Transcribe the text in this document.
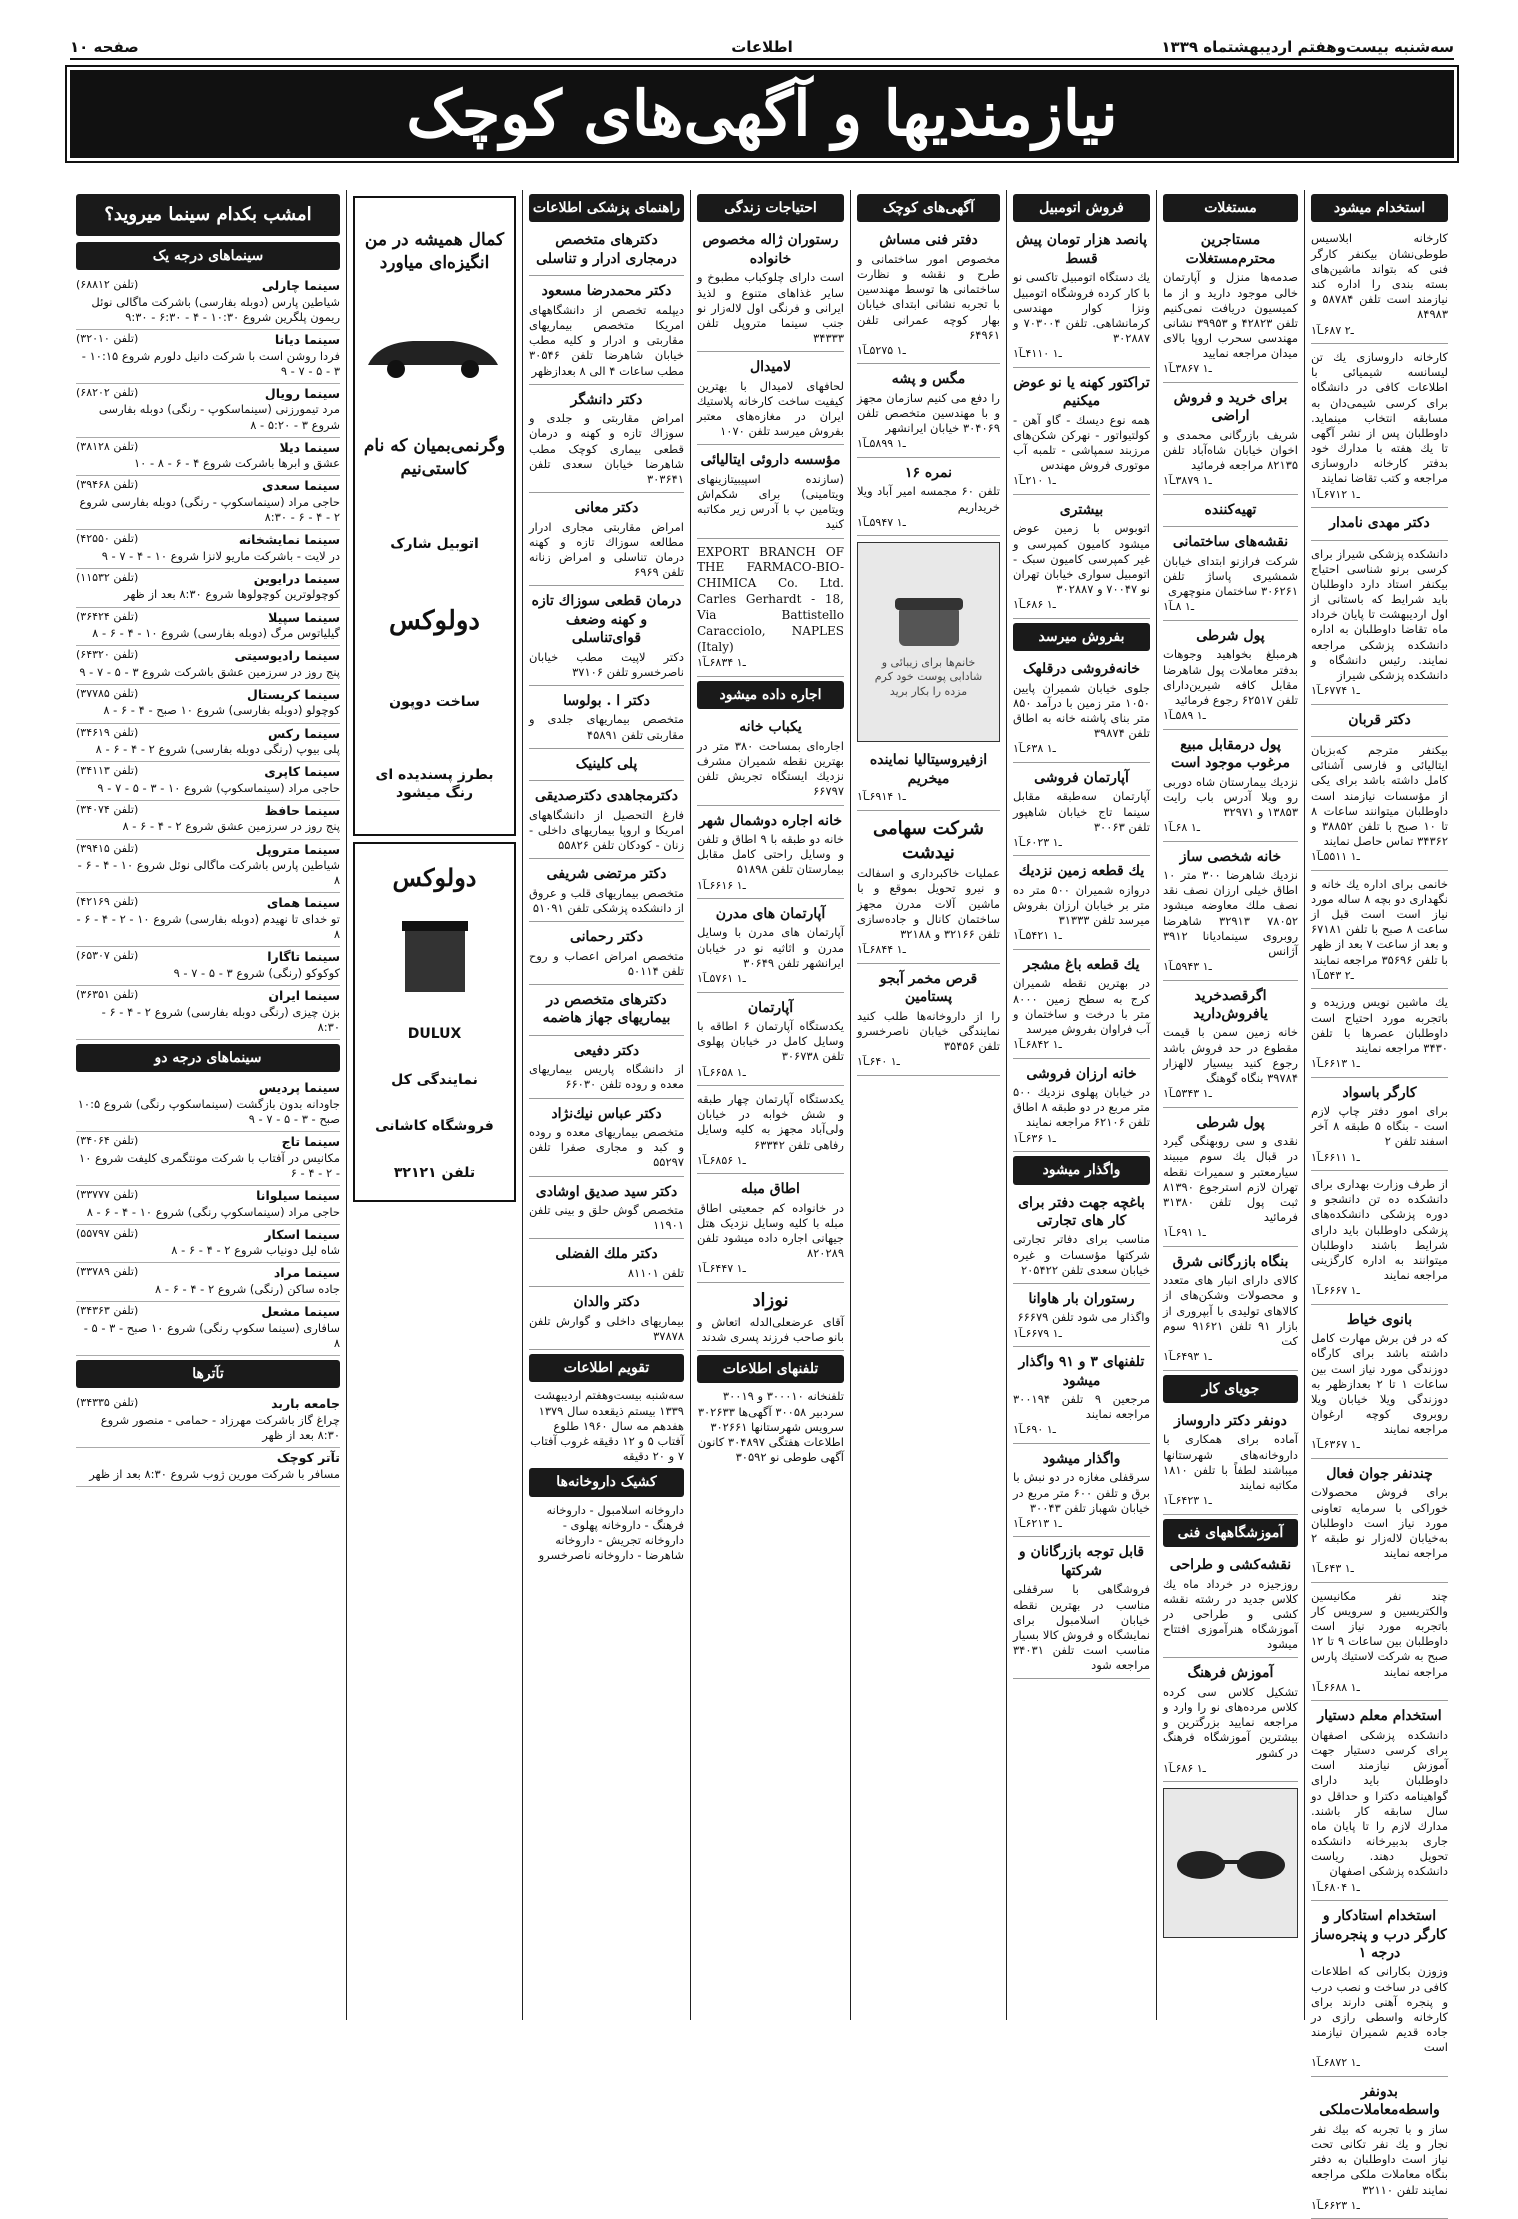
سه‌شنبه بیست‌وهفتم اردیبهشتماه ۱۳۳۹
اطلاعات
صفحه ۱۰
نیازمندیها و آگهی‌های کوچک
استخدام میشود

کارخانه ابلاسیس طوطی‌نشان بیکنفر کارگر فنی که بتواند ماشین‌های بسته بندی را اداره کند نیازمند است تلفن ۵۸۷۸۴ و ۸۴۹۸۳

۱ـ۲ ۶۸۷ـآ

کارخانه داروسازی یك تن لیسانسه شیمیائی با اطلاعات کافی در دانشگاه برای کرسی شیمی‌دان به مسابقه انتخاب مینماید. داوطلبان پس از نشر آگهی تا یك هفته با مدارك خود بدفتر کارخانه داروسازی مراجعه و کتب تقاضا نمایند

۱ـ۱ ۶۷۱۲ـآ
دکتر مهدی نامدار

دانشکده پزشکی شیراز برای کرسی برنو شناسی احتیاج بیکنفر استاد دارد داوطلبان باید شرایط که باستانی از اول اردیبهشت تا پایان خرداد ماه تقاضا داوطلبان به اداره دانشکده پزشکی مراجعه نمایند. رئیس دانشگاه و دانشکده پزشکی شیراز

۱ـ۱ ۶۷۷۴ـآ
دکتر قربان

بیکنفر مترجم که‌بزبان ایتالیائی و فارسی آشنائی کامل داشته باشد برای یکی از مؤسسات نیازمند است داوطلبان میتوانند ساعات ۸ تا ۱۰ صبح با تلفن ۳۸۸۵۲ و ۳۴۳۶۲ تماس حاصل نمایند

۱ـ۱ ۵۵۱۱ـآ

خانمی برای اداره یك خانه و نگهداری دو بچه ۸ ساله مورد نیاز است است قبل از ساعت ۸ صبح با تلفن ۶۷۱۸۱ و بعد از ساعت ۷ بعد از ظهر با تلفن ۳۵۶۹۶ مراجعه نمایند

۱ـ۲ ۵۴۳ـآ

یك ماشین نویس ورزیده و باتجربه مورد احتیاج است داوطلبان عصرها با تلفن ۳۴۳۰ مراجعه نمایند

۱ـ۱ ۶۶۱۳ـآ
کارگر باسواد

برای امور دفتر چاپ لازم است - بنگاه ۵ طبقه ۸ آخر اسفند تلفن ۲

۱ـ۱ ۶۶۱۱ـآ

از طرف وزارت بهداری برای دانشکده ده تن دانشجو و دوره پزشکی دانشکده‌های پزشکی داوطلبان باید دارای شرایط باشند داوطلبان میتوانند به اداره کارگزینی مراجعه نمایند

۱ـ۱ ۶۶۶۷ـآ
بانوی خیاط

که در فن برش مهارت کامل داشته باشد برای کارگاه دوزندگی مورد نیاز است بین ساعات ۱ تا ۲ بعدازظهر به دوزندگی ویلا خیابان ویلا روبروی کوچه ارغوان مراجعه نمایند

۱ـ۱ ۶۳۶۷ـآ
چندنفر جوان فعال

برای فروش محصولات خوراکی با سرمایه تعاونی مورد نیاز است داوطلبان به‌خیابان لاله‌زار نو طبقه ۲ مراجعه نمایند

۱ـ۱ ۶۴۳ـآ

چند نفر مکانیسین والکتریسین و سرویس کار باتجربه مورد نیاز است داوطلبان بین ساعات ۹ تا ۱۲ صبح به شرکت لاستیك پارس مراجعه نمایند

۱ـ۱ ۶۶۸۸ـآ
استخدام معلم دستیار

دانشکده پزشکی اصفهان برای کرسی دستیار جهت آموزش نیازمند است داوطلبان باید دارای گواهینامه دکترا و حداقل دو سال سابقه کار باشند. مدارك لازم را تا پایان ماه جاری بدبیرخانه دانشکده تحویل دهند. ریاست دانشکده پزشکی اصفهان

۱ـ۱ ۶۸۰۴ـآ
استخدام استادکار و کارگر درب و پنجره‌ساز درجه ۱

وزوزن بکارانی که اطلاعات کافی در ساخت و نصب درب و پنجره آهنی دارند برای کارخانه واسطی رازی در جاده قدیم شمیران نیازمند است

۱ـ۱ ۶۸۷۲ـآ
بدونفر واسطه‌معاملات‌ملکی

ساز و با تجربه که بیك نفر نجار و یك نفر تکانی تحت نیاز است داوطلبان به دفتر بنگاه معاملات ملکی مراجعه نمایند تلفن ۳۲۱۱۰

۱ـ۱ ۶۶۲۳ـآ
مستغلات
مستاجرین محترم‌مستغلات

صدمه‌ها منزل و آپارتمان خالی موجود دارید و از ما کمیسیون دریافت نمی‌کنیم تلفن ۴۲۸۲۳ و ۳۹۹۵۳ نشانی مهندسی سحرب اروپا بالای میدان مراجعه نمایید

۱ـ۱ ۳۸۶۷ـآ
برای خرید و فروش اراضی

شریف بازرگانی محمدی و اخوان خیابان شاه‌آباد تلفن ۸۲۱۳۵ مراجعه فرمائید

۱ـ۱ ۳۸۷۹ـآ
تهیه‌کننده
نقشه‌های ساختمانی

شرکت فرازنو ابتدای خیابان شمشیری پاساژ تلفن ۳۰۶۲۶۱ ساختمان منوچهری

۱ـ۱ ۸ـآ
پول شرطی

هرمبلغ بخواهید وجوهات بدفتر معاملات پول شاهرضا مقابل کافه شیرین‌دارای تلفن ۶۲۵۱۷ رجوع فرمائید

۱ـ۱ ۵۸۹ـآ
پول درمقابل مبیع مرغوب موجود است

نزدیك بیمارستان شاه دوربی رو ویلا آدرس باب رایت ۱۳۸۵۳ و ۳۲۹۷۱

۱ـ۱ ۶۸ـآ
خانه شخصی ساز

نزدیك شاهرضا ۳۰۰ متر ۱۰ اطاق خیلی ارزان نصف نقد نصف ملك معاوضه میشود ۷۸۰۵۲ ۳۲۹۱۳ شاهرضا روبروی سینمادیانا ۳۹۱۲ آژانس

۱ـ۱ ۵۹۴۳ـآ
اگرقصدخرید یافروش‌دارید

خانه زمین سمن با قیمت مقطوع در حد فروش باشد رجوع کنید بیسیار لالهزار ۳۹۷۸۴ بنگاه گوهنگ

۱ـ۱ ۵۳۴۳ـآ
پول شرطی

نقدی و سی روبهنگی گیرد در قبال یك سوم میبیند سیارمعتبر و سمیرات نقطه تهران لازم استرجوع ۸۱۳۹۰ ثبت پول تلفن ۳۱۳۸۰ فرمائید

۱ـ۱ ۶۹۱ـآ
بنگاه بازرگانی شرق

کالای دارای انبار های متعدد و محصولات وشکن‌های از کالاهای تولیدی با آبپروری از بازار ۹۱ تلفن ۹۱۶۲۱ سوم کت

۱ـ۱ ۶۴۹۳ـآ
جویای کار
دونفر دکتر داروساز

آماده برای همکاری با داروخانه‌های شهرستانها میباشند لطفاً با تلفن ۱۸۱۰ مکاتبه نمایند

۱ـ۱ ۶۴۲۳ـآ
آموزشگاههای فنی
نقشه‌کشی و طراحی

روزجیزه در خرداد ماه یك کلاس جدید در رشته نقشه کشی و طراحی در آموزشگاه هنرآموزی افتتاح میشود

آموزش فرهنگ

تشکیل کلاس سی کرده کلاس مرده‌های نو را وارد و مراجعه نمایید بزرگترین و بیشترین آموزشگاه فرهنگ در کشور

۱ـ۱ ۶۸۶ـآ
فروش اتومبیل
پانصد هزار تومان پیش قسط

یك دستگاه اتومبیل تاکسی نو با کار کرده فروشگاه اتومبیل ونزا کوار مهندسی کرمانشاهی. تلفن ۷۰۳۰۰۴ و ۳۰۲۸۸۷

۱ـ۱ ۴۱۱۰ـآ
تراکتور کهنه یا نو عوض میکنیم

همه نوع دیسك - گاو آهن - کولتیواتور - نهرکن شکن‌های مرزبند سمپاشی - تلمبه آب موتوری فروش مهندس

۱ـ۱ ۲۱۰ـآ
بیشتری

اتوبوس با زمین عوض میشود کامیون کمپرسی و غیر کمپرسی کامیون سبک - اتومبیل سواری خیابان تهران نو ۷۰۰۴۷ و ۳۰۲۸۸۷

۱ـ۱ ۶۸۶ـآ
بفروش میرسد
خانه‌فروشی درقلهک

جلوی خیابان شمیران پایین ۱۰۵۰ متر زمین با درآمد ۸۵۰ متر بنای پاشنه خانه به اطاق تلفن ۳۹۸۷۴

۱ـ۱ ۶۳۸ـآ
آپارتمان فروشی

آپارتمان سه‌طبقه مقابل سینما تاج خیابان شاهپور تلفن ۳۰۰۶۳

۱ـ۱ ۶۰۲۳ـآ
یك قطعه زمین نزدیك

دروازه شمیران ۵۰۰ متر ده متر بر خیابان ارزان بفروش میرسد تلفن ۳۱۳۳۳

۱ـ۱ ۵۴۲۱ـآ
یك قطعه باغ مشجر

در بهترین نقطه شمیران کرج به سطح زمین ۸۰۰۰ متر با درخت و ساختمان و آب فراوان بفروش میرسد

۱ـ۱ ۶۸۴۲ـآ
خانه ارزان فروشی

در خیابان پهلوی نزدیك ۵۰۰ متر مربع در دو طبقه ۸ اطاق تلفن ۶۲۱۰۶ مراجعه نمایند

۱ـ۱ ۶۳۶ـآ
واگذار میشود
باغچه جهت دفتر برای کار های تجارتی

مناسب برای دفاتر تجارتی شرکتها مؤسسات و غیره خیابان سعدی تلفن ۲۰۵۴۲۲

رستوران بار هاوانا

واگذار می شود تلفن ۶۶۶۷۹

۱ـ۱ ۶۶۷۹ـآ
تلفنهای ۳ و ۹۱ واگذار میشود

مرجعین ۹ تلفن ۳۰۰۱۹۴ مراجعه نمایند

۱ـ۱ ۶۹۰ـآ
واگذار میشود

سرقفلی مغازه در دو نبش با برق و تلفن ۶۰۰ متر مربع در خیابان شهباز تلفن ۳۰۰۴۳

۱ـ۱ ۶۲۱۳ـآ
قابل توجه بازرگانان و شرکتها

فروشگاهی با سرقفلی مناسب در بهترین نقطه خیابان اسلامبول برای نمایشگاه و فروش کالا بسیار مناسب است تلفن ۳۴۰۳۱ مراجعه شود

آگهی‌های کوچک
دفتر فنی مساش

مخصوص امور ساختمانی و طرح و نقشه و نظارت ساختمانی ها توسط مهندسین با تجربه نشانی ابتدای خیابان بهار کوچه عمرانی تلفن ۶۴۹۶۱

۱ـ۱ ۵۲۷۵ـآ
مگس و پشه

را دفع می کنیم سازمان مجهز و با مهندسین متخصص تلفن ۳۰۴۰۶۹ خیابان ایرانشهر

۱ـ۱ ۵۸۹۹ـآ
نمره ۱۶

تلفن ۶۰ مجمسه امیر آباد ویلا خریداریم

۱ـ۱ ۵۹۴۷ـآ
خانم‌ها برای زیبائی و شادابی پوست خود کرم مزده را بکار برید
ازفیروسیتالیا نماینده میخریم
۱ـ۱ ۶۹۱۴ـآ
شرکت سهامی نیدشت

عملیات خاکبرداری و اسفالت و نیرو تحویل بموقع و با ماشین آلات مدرن مجهز ساختمان کانال و جاده‌سازی تلفن ۳۲۱۶۶ و ۳۲۱۸۸

۱ـ۱ ۶۸۴۴ـآ
قرص مخمر آبجو پستامین

را از داروخانه‌ها طلب کنید نمایندگی خیابان ناصرخسرو تلفن ۳۵۴۵۶

۱ـ۱ ۶۴۰ـآ
احتیاجات زندگی
رستوران ژاله مخصوص خانواده

است دارای چلوکباب مطبوخ و سایر غذاهای متنوع و لذیذ ایرانی و فرنگی اول لاله‌زار نو جنب سینما متروپل تلفن ۳۴۳۳۳

لامیدال

لحافهای لامیدال با بهترین کیفیت ساخت کارخانه پلاستیك ایران در مغازه‌های معتبر بفروش میرسد تلفن ۱۰۷۰

مؤسسه داروئی ایتالیائی

(سازنده اسپیبیتازینهای ویتامینی) برای شکم‌اش ویتامین پ با آدرس زیر مکاتبه کنید

EXPORT BRANCH OF THE FARMACO-BIO-CHIMICA Co. Ltd. Carles Gerhardt - 18, Via Battistello Caracciolo, NAPLES (Italy)

۱ـ۱ ۶۸۳۴ـآ
اجاره داده میشود
یکباب خانه

اجاره‌ای بمساحت ۳۸۰ متر در بهترین نقطه شمیران مشرف نزدیك ایستگاه تجریش تلفن ۶۶۷۹۷

خانه اجاره دوشمال شهر

خانه دو طبقه با ۹ اطاق و تلفن و وسایل راحتی کامل مقابل بیمارستان تلفن ۵۱۸۹۸

۱ـ۱ ۶۶۱۶ـآ
آپارتمان های مدرن

آپارتمان های مدرن با وسایل مدرن و اثاثیه نو در خیابان ایرانشهر تلفن ۳۰۶۴۹

۱ـ۱ ۵۷۶۱ـآ
آپارتمان

یکدستگاه آپارتمان ۶ اطاقه با وسایل کامل در خیابان پهلوی تلفن ۳۰۶۷۳۸

۱ـ۱ ۶۶۵۸ـآ

یکدستگاه آپارتمان چهار طبقه و شش خوابه در خیابان ولی‌آباد مجهز به کلیه وسایل رفاهی تلفن ۶۳۳۴۲

۱ـ۱ ۶۸۵۶ـآ
اطاق مبله

در خانواده کم جمعیتی اطاق مبله با کلیه وسایل نزدیک هتل جیهانی اجاره داده میشود تلفن ۸۲۰۲۸۹

۱ـ۱ ۶۴۴۷ـآ
نوزاد

آقای عرضعلی‌الدله اتعاش و بانو صاحب فرزند پسری شدند

تلفنهای اطلاعات

تلفنخانه ۳۰۰۰۱۰ و ۳۰۰۱۹ سردبیر ۳۰۰۵۸ آگهی‌ها ۳۰۲۶۳۳ سرویس شهرستانها ۳۰۲۶۶۱ اطلاعات هفتگی ۳۰۴۸۹۷ کانون آگهی طوطی نو ۳۰۵۹۲

راهنمای پزشکی اطلاعات
دکترهای متخصص درمجاری ادرار و تناسلی
دکتر محمدرضا مسعود

دیپلمه تخصص از دانشگاههای امریکا متخصص بیماریهای مقاربتی و ادرار و کلیه مطب خیابان شاهرضا تلفن ۳۰۵۴۶ مطب ساعات ۴ الی ۸ بعدازظهر

دکتر دانشگر

امراض مقاربتی و جلدی و سوزاك تازه و کهنه و درمان قطعی بیماری کوچک مطب شاهرضا خیابان سعدی تلفن ۳۰۳۶۴۱

دکتر معانی

امراض مقاربتی مجاری ادرار مطالعه سوزاك تازه و کهنه درمان تناسلی و امراض زنانه تلفن ۶۹۶۹

درمان قطعی سوزاك تازه و کهنه وضعف قوای‌تناسلی

دکتر لاپیت مطب خیابان ناصرخسرو تلفن ۳۷۱۰۶

دکتر ا . بولوسا

متخصص بیماریهای جلدی و مقاربتی تلفن ۴۵۸۹۱

پلی کلینیک
دکترمجاهدی دکترصدیقی

فارغ التحصیل از دانشگاههای امریکا و اروپا بیماریهای داخلی - زنان - کودکان تلفن ۵۵۸۲۶

دکتر مرتضی شریفی

متخصص بیماریهای قلب و عروق از دانشکده پزشکی تلفن ۵۱۰۹۱

دکتر رحمانی

متخصص امراض اعصاب و روح تلفن ۵۰۱۱۴

دکترهای متخصص در بیماریهای جهاز هاضمه
دکتر دفیعی

از دانشگاه پاریس بیماریهای معده و روده تلفن ۶۶۰۳۰

دکتر عباس نیك‌نژاد

متخصص بیماریهای معده و روده و کبد و مجاری صفرا تلفن ۵۵۲۹۷

دکتر سید صدیق اوشادی

متخصص گوش حلق و بینی تلفن ۱۱۹۰۱

دکتر ملك الفضلی

تلفن ۸۱۱۰۱

دکتر والدان

بیماریهای داخلی و گوارش تلفن ۳۷۸۷۸

تقویم اطلاعات

سه‌شنبه بیست‌وهفتم اردیبهشت ۱۳۳۹ بیستم ذیقعده سال ۱۳۷۹ هفدهم مه سال ۱۹۶۰ طلوع آفتاب ۵ و ۱۲ دقیقه غروب آفتاب ۷ و ۲۰ دقیقه

کشیک داروخانه‌ها

داروخانه اسلامبول - داروخانه فرهنگ - داروخانه پهلوی - داروخانه تجریش - داروخانه شاهرضا - داروخانه ناصرخسرو

کمال همیشه در من انگیزه‌ای میاورد
وگرنمی‌بمیان که نام کاستی‌نیم
اتوبیل شارک
دولوکس
ساخت دوپون
بطرز پسندیده ای رنگ میشود
دولوکس
DULUX
نمایندگی کل
فروشگاه کاشانی
تلفن ۳۲۱۲۱
امشب بکدام سینما میروید؟
سینماهای درجه یک
(تلفن ۶۸۸۱۲)	سینما چارلی

شیاطین پارس (دوبله بفارسی) باشرکت ماگالی نوئل ریمون پلگرین شروع ۱۰:۳۰ - ۴ - ۶:۳۰ - ۹:۳۰

(تلفن ۳۲۰۱۰)	سینما دیانا

فردا روشن است با شرکت دانیل دلورم شروع ۱۰:۱۵ - ۳ - ۵ - ۷ - ۹

(تلفن ۶۸۲۰۲)	سینما رویال

مرد تیمورزنی (سینماسکوپ - رنگی) دوبله بفارسی شروع ۳ - ۵:۲۰ - ۸

(تلفن ۳۸۱۲۸)	سینما دیلا

عشق و ابرها باشرکت شروع ۴ - ۶ - ۸ - ۱۰

(تلفن ۳۹۴۶۸)	سینما سعدی

حاجی مراد (سینماسکوپ - رنگی) دوبله بفارسی شروع ۲ - ۴ - ۶ - ۸:۳۰

(تلفن ۴۲۵۵۰)	سینما نمایشخانه

در لایت - باشرکت ماریو لانزا شروع ۱۰ - ۴ - ۷ - ۹

(تلفن ۱۱۵۳۲)	سینما درایوین

کوچولوترین کوچولوها شروع ۸:۳۰ بعد از ظهر

(تلفن ۳۶۴۲۴)	سینما سپیلا

گیلیاتوس مرگ (دوبله بفارسی) شروع ۱۰ - ۴ - ۶ - ۸

(تلفن ۶۴۳۲۰)	سینما رادیوسیتی

پنج روز در سرزمین عشق باشرکت شروع ۳ - ۵ - ۷ - ۹

(تلفن ۳۷۷۸۵)	سینما کریستال

کوچولو (دوبله بفارسی) شروع ۱۰ صبح - ۴ - ۶ - ۸

(تلفن ۳۴۶۱۹)	سینما رکس

پلی بیوپ (رنگی دوبله بفارسی) شروع ۲ - ۴ - ۶ - ۸

(تلفن ۳۴۱۱۳)	سینما کاپری

حاجی مراد (سینماسکوپ) شروع ۱۰ - ۳ - ۵ - ۷ - ۹

(تلفن ۳۴۰۷۴)	سینما حافظ

پنج روز در سرزمین عشق شروع ۲ - ۴ - ۶ - ۸

(تلفن ۳۹۴۱۵)	سینما متروپل

شیاطین پارس باشرکت ماگالی نوئل شروع ۱۰ - ۴ - ۶ - ۸

(تلفن ۴۲۱۶۹)	سینما همای

تو خدای تا نهیدم (دوبله بفارسی) شروع ۱۰ - ۲ - ۴ - ۶ - ۸

(تلفن ۶۵۳۰۷)	سینما تاگارا

کوکوکو (رنگی) شروع ۳ - ۵ - ۷ - ۹

(تلفن ۳۶۳۵۱)	سینما ایران

بزن چیزی (رنگی دوبله بفارسی) شروع ۲ - ۴ - ۶ - ۸:۳۰

سینماهای درجه دو
سینما پردیس

جاودانه بدون بازگشت (سینماسکوپ رنگی) شروع ۱۰:۵ صبح - ۳ - ۵ - ۷ - ۹

(تلفن ۳۴۰۶۴)	سینما تاج

مکانیس در آفتاب با شرکت مونتگمری کلیفت شروع ۱۰ - ۲ - ۴ - ۶

(تلفن ۳۳۷۷۷)	سینما سیلوانا

حاجی مراد (سینماسکوپ رنگی) شروع ۱۰ - ۴ - ۶ - ۸

(تلفن ۵۵۷۹۷)	سینما اسکار

شاه لیل دونیاب شروع ۲ - ۴ - ۶ - ۸

(تلفن ۳۳۷۸۹)	سینما مراد

جاده ساکن (رنگی) شروع ۲ - ۴ - ۶ - ۸

(تلفن ۳۴۳۶۳)	سینما مشعل

سافاری (سینما سکوپ رنگی) شروع ۱۰ صبح - ۳ - ۵ - ۸

تآترها
(تلفن ۳۴۳۳۵)	جامعه باربد

چراغ گاز باشرکت مهرزاد - حمامی - منصور شروع ۸:۳۰ بعد از ظهر

تآتر کوچک

مسافر با شرکت مورین ژوب شروع ۸:۳۰ بعد از ظهر
